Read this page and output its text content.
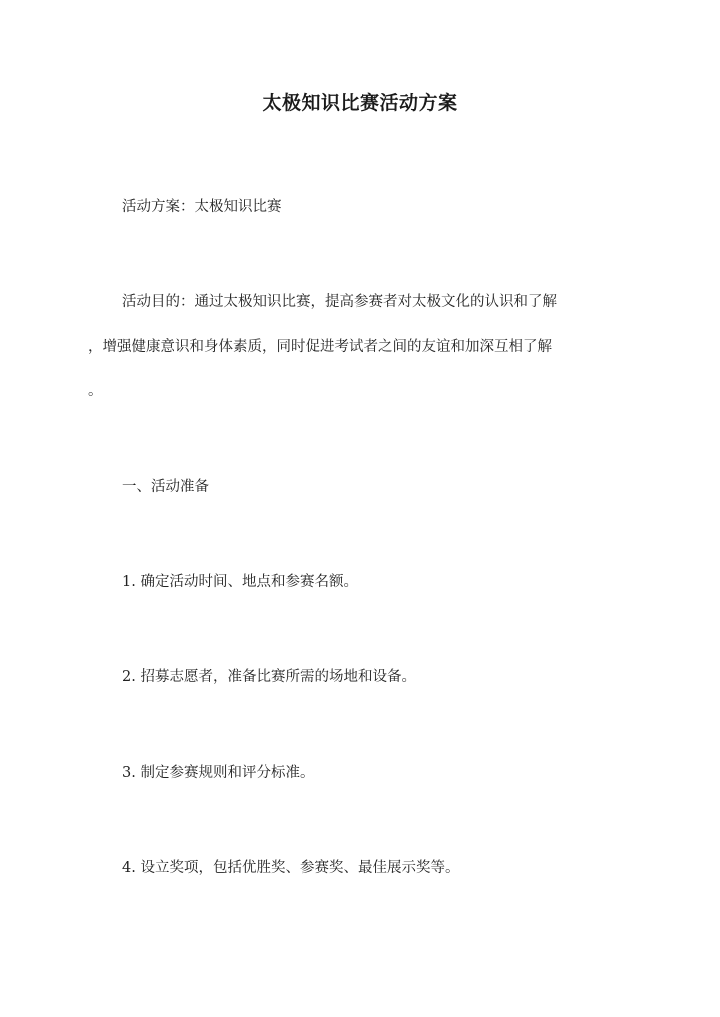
太极知识比赛活动方案

活动方案：太极知识比赛

活动目的：通过太极知识比赛，提高参赛者对太极文化的认识和了解

，增强健康意识和身体素质，同时促进考试者之间的友谊和加深互相了解

。

一、活动准备

1. 确定活动时间、地点和参赛名额。

2. 招募志愿者，准备比赛所需的场地和设备。

3. 制定参赛规则和评分标准。

4. 设立奖项，包括优胜奖、参赛奖、最佳展示奖等。
